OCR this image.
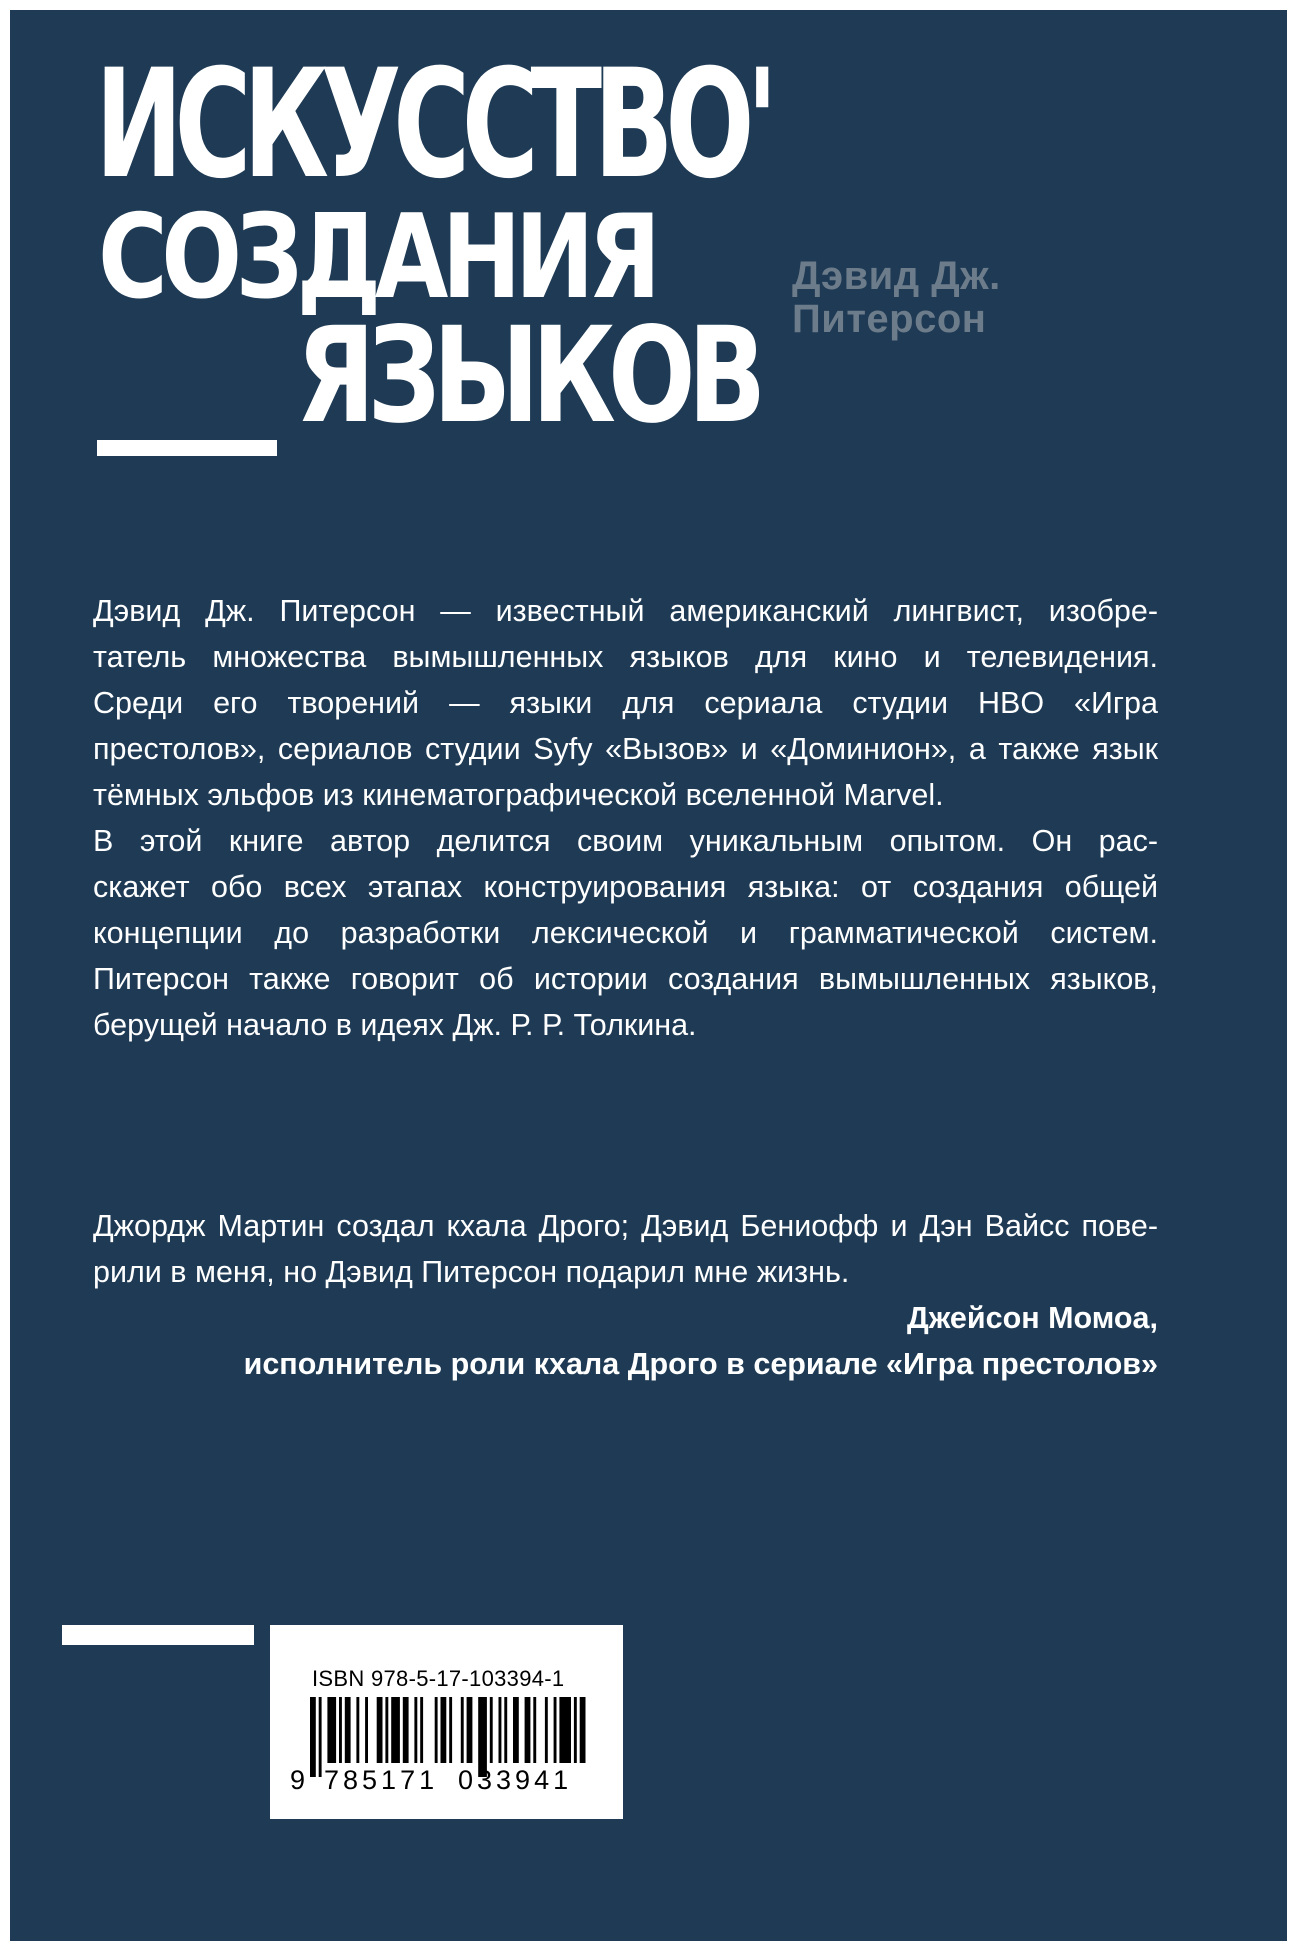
ИСКУССТВО'
СОЗДАНИЯ
ЯЗЫКОВ
Дэвид Дж.
Питерсон

Дэвид Дж. Питерсон — известный американский лингвист, изобре-
татель множества вымышленных языков для кино и телевидения.
Среди его творений — языки для сериала студии HBO «Игра
престолов», сериалов студии Syfy «Вызов» и «Доминион», а также язык
тёмных эльфов из кинематографической вселенной Marvel.

В этой книге автор делится своим уникальным опытом. Он рас-
скажет обо всех этапах конструирования языка: от создания общей
концепции до разработки лексической и грамматической систем.
Питерсон также говорит об истории создания вымышленных языков,
берущей начало в идеях Дж. Р. Р. Толкина.

Джордж Мартин создал кхала Дрого; Дэвид Бениофф и Дэн Вайсс пове-
рили в меня, но Дэвид Питерсон подарил мне жизнь.
Джейсон Момоа,
исполнитель роли кхала Дрого в сериале «Игра престолов»
ISBN 978-5-17-103394-1
9 785171 033941
